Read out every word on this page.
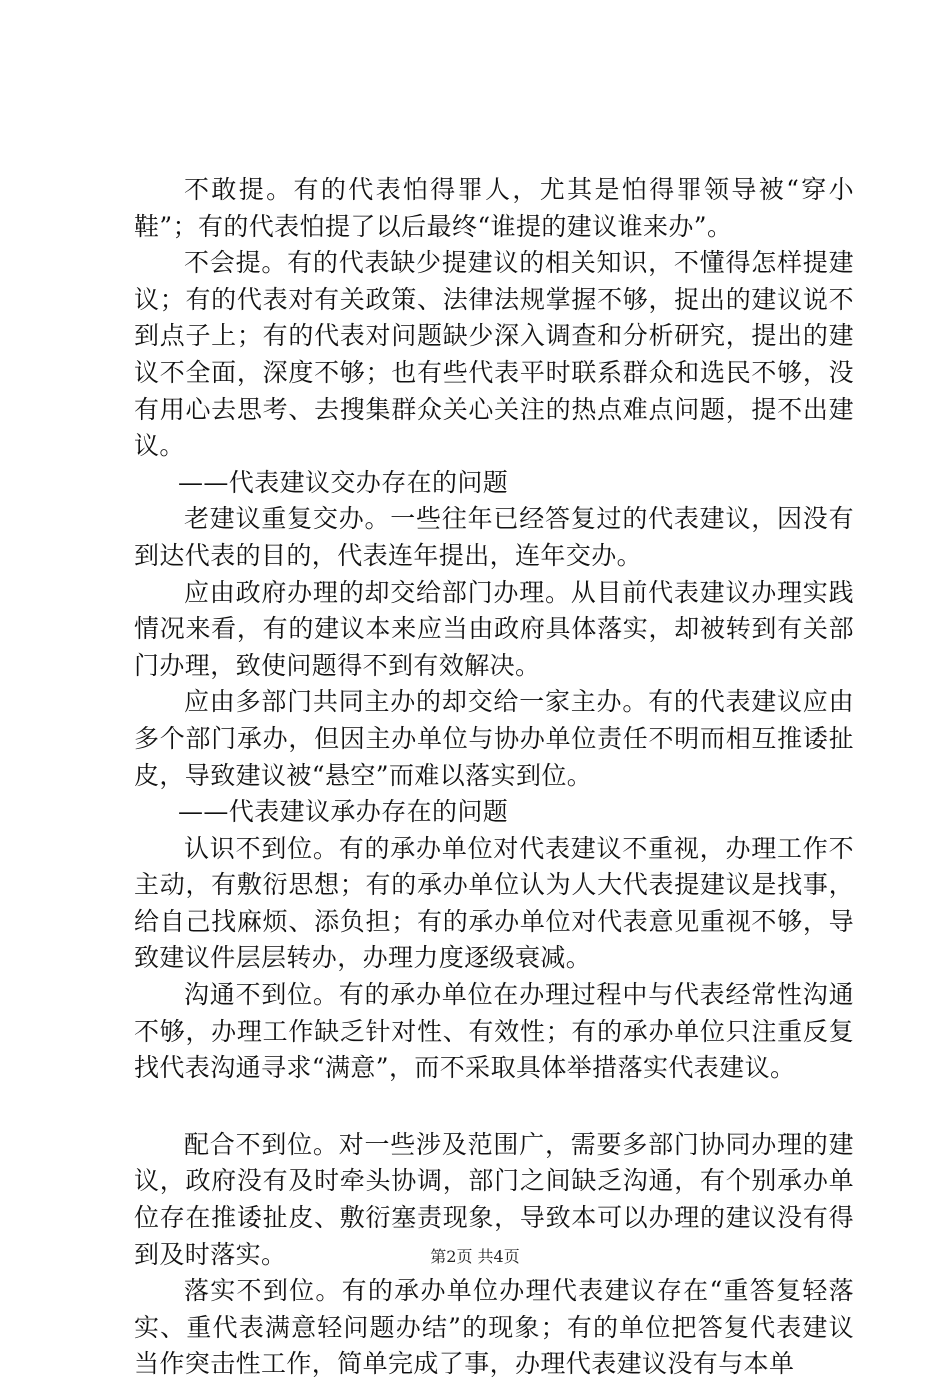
不敢提。有的代表怕得罪人，尤其是怕得罪领导被“穿小鞋”；有的代表怕提了以后最终“谁提的建议谁来办”。

不会提。有的代表缺少提建议的相关知识，不懂得怎样提建议；有的代表对有关政策、法律法规掌握不够，捉出的建议说不到点子上；有的代表对问题缺少深入调查和分析研究，提出的建议不全面，深度不够；也有些代表平时联系群众和选民不够，没有用心去思考、去搜集群众关心关注的热点难点问题，提不出建议。

——代表建议交办存在的问题

老建议重复交办。一些往年已经答复过的代表建议，因没有到达代表的目的，代表连年提出，连年交办。

应由政府办理的却交给部门办理。从目前代表建议办理实践情况来看，有的建议本来应当由政府具体落实，却被转到有关部门办理，致使问题得不到有效解决。

应由多部门共同主办的却交给一家主办。有的代表建议应由多个部门承办，但因主办单位与协办单位责任不明而相互推诿扯皮，导致建议被“悬空”而难以落实到位。

——代表建议承办存在的问题

认识不到位。有的承办单位对代表建议不重视，办理工作不主动，有敷衍思想；有的承办单位认为人大代表提建议是找事，给自己找麻烦、添负担；有的承办单位对代表意见重视不够，导致建议件层层转办，办理力度逐级衰减。

沟通不到位。有的承办单位在办理过程中与代表经常性沟通不够，办理工作缺乏针对性、有效性；有的承办单位只注重反复找代表沟通寻求“满意”，而不采取具体举措落实代表建议。

配合不到位。对一些涉及范围广，需要多部门协同办理的建议，政府没有及时牵头协调，部门之间缺乏沟通，有个别承办单位存在推诿扯皮、敷衍塞责现象，导致本可以办理的建议没有得到及时落实。

落实不到位。有的承办单位办理代表建议存在“重答复轻落实、重代表满意轻问题办结”的现象；有的单位把答复代表建议当作突击性工作，简单完成了事，办理代表建议没有与本单

第2页 共4页
